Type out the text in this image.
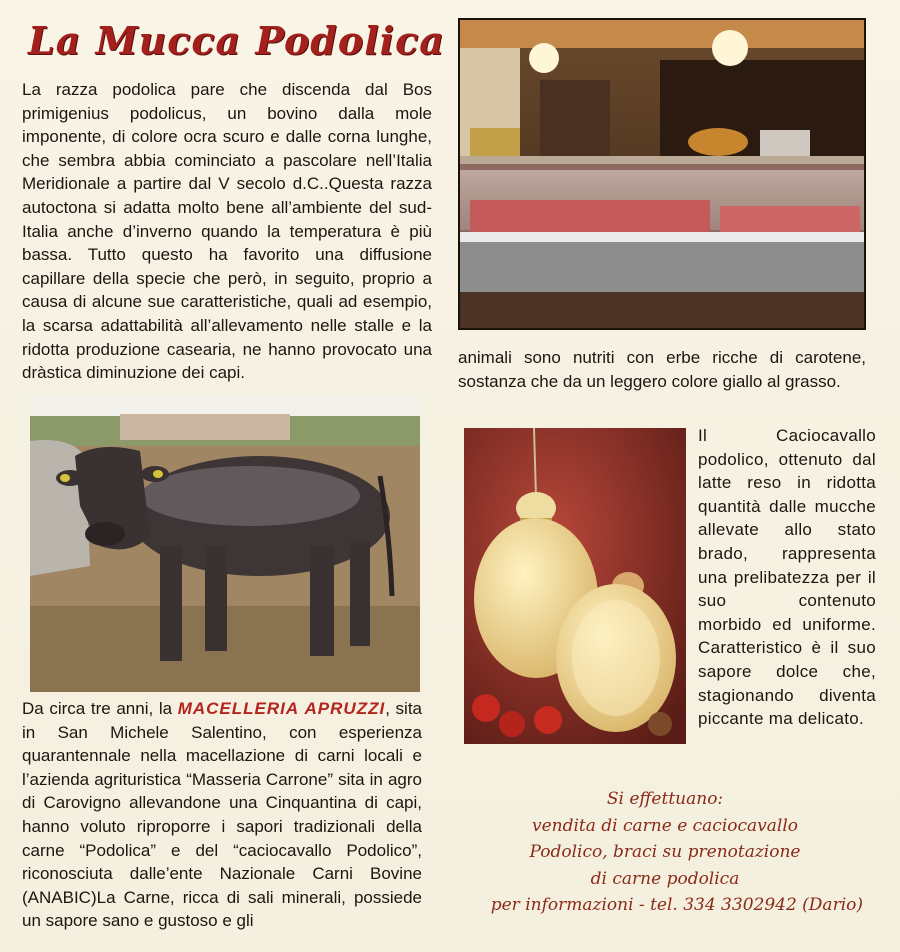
La Mucca Podolica

La razza podolica pare che discenda dal Bos primigenius podolicus, un bovino dalla mole imponente, di colore ocra scuro e dalle corna lunghe, che sembra abbia cominciato a pascolare nell’Italia Meridionale a partire dal V secolo d.C..Questa razza autoctona si adatta molto bene all’ambiente del sud-Italia anche d’inverno quando la temperatura è più bassa. Tutto questo ha favorito una diffusione capillare della specie che però, in seguito, proprio a causa di alcune sue caratteristiche, quali ad esempio, la scarsa adattabilità all’allevamento nelle stalle e la ridotta produzione casearia, ne hanno provocato una dràstica diminuzione dei capi.

animali sono nutriti con erbe ricche di carotene, sostanza che da un leggero colore giallo al grasso.

Da circa tre anni, la MACELLERIA APRUZZI, sita in San Michele Salentino, con esperienza quarantennale nella macellazione di carni locali e l’azienda agrituristica “Masseria Carrone” sita in agro di Carovigno allevandone una Cinquantina di capi, hanno voluto riproporre i sapori tradizionali della carne “Podolica” e del “caciocavallo Podolico”, riconosciuta dalle’ente Nazionale Carni Bovine (ANABIC)La Carne, ricca di sali minerali, possiede un sapore sano e gustoso e gli

Il Caciocavallo podolico, ottenuto dal latte reso in ridotta quantità dalle mucche allevate allo stato brado, rappresenta una prelibatezza per il suo contenuto morbido ed uniforme. Caratteristico è il suo sapore dolce che, stagionando diventa piccante ma delicato.

Si effettuano:
vendita di carne e caciocavallo
Podolico, braci su prenotazione
di carne podolica
per informazioni - tel. 334 3302942 (Dario)
